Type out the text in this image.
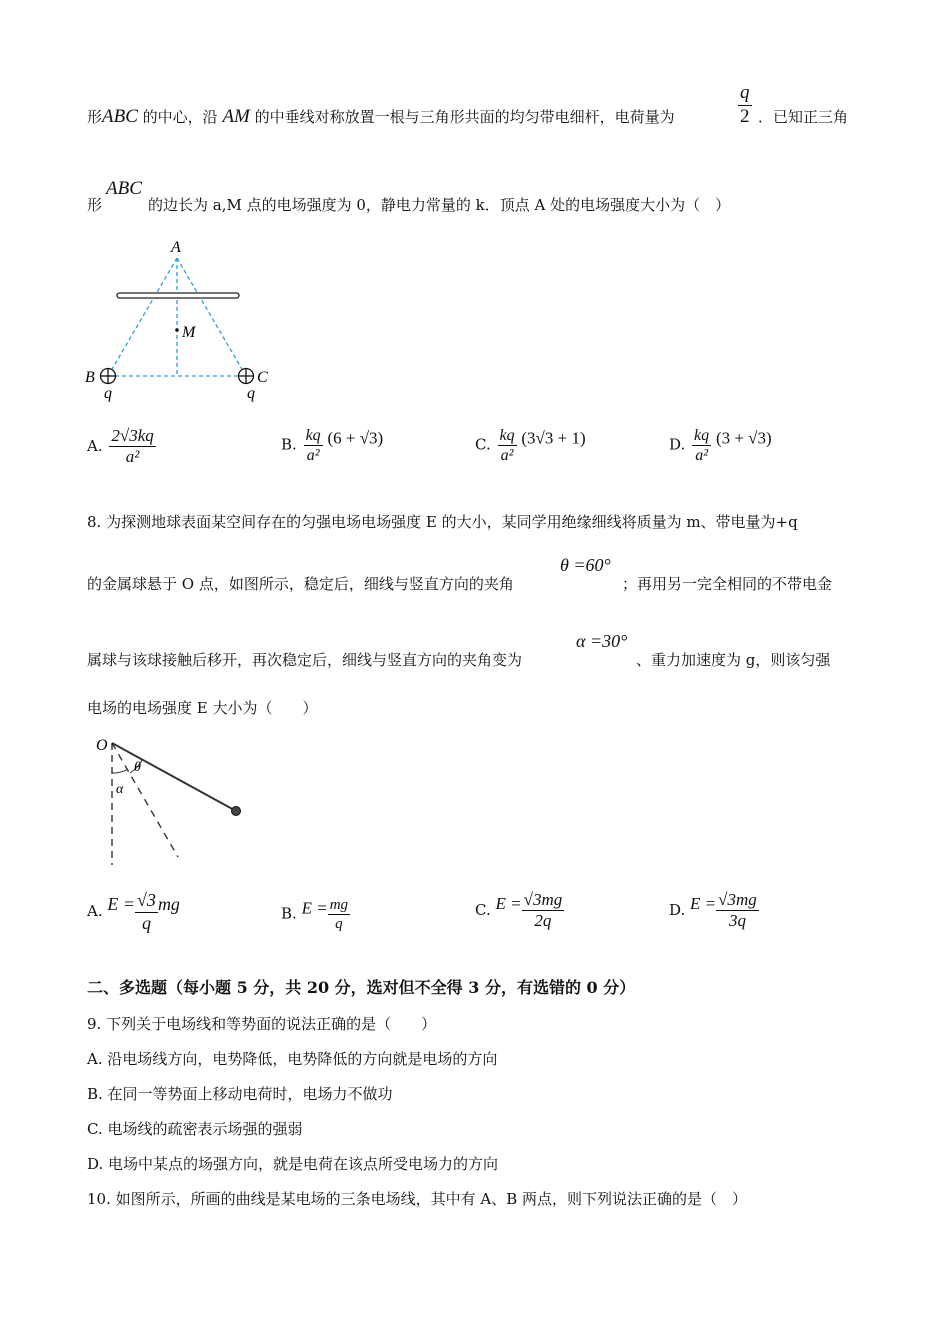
形ABC 的中心，沿 AM 的中垂线对称放置一根与三角形共面的均匀带电细杆，电荷量为	$\frac{q}{2}$ ．已知正三角
形
ABC
的边长为 a,M 点的电场强度为 0，静电力常量的 k．顶点 A 处的电场强度大小为（　）
A
M
B	C
q	q
A. $\frac{2√3kq}{\text{a²}}$	B. $\frac{kq}{\text{a²}} (6 + √3)$	C. $\frac{kq}{\text{a²}} (3√3 + 1)$	D. $\frac{kq}{\text{a²}} (3 + √3)$
8. 为探测地球表面某空间存在的匀强电场电场强度 E 的大小，某同学用绝缘细线将质量为 m、带电量为+q
的金属球悬于 O 点，如图所示，稳定后，细线与竖直方向的夹角
θ =60°
；再用另一完全相同的不带电金
属球与该球接触后移开，再次稳定后，细线与竖直方向的夹角变为
α =30°
、重力加速度为 g，则该匀强
电场的电场强度 E 大小为（　　）
O
θ
α
A. $E = \frac{√3}{q}$ mg	B. $E = \frac{mg}{q}$	C. $E = \frac{√3mg}{2q}$	D. $E = \frac{√3mg}{3q}$
二、多选题（每小题 5 分，共 20 分，选对但不全得 3 分，有选错的 0 分）
9. 下列关于电场线和等势面的说法正确的是（　　）
A. 沿电场线方向，电势降低，电势降低的方向就是电场的方向
B. 在同一等势面上移动电荷时，电场力不做功
C. 电场线的疏密表示场强的强弱
D. 电场中某点的场强方向，就是电荷在该点所受电场力的方向
10. 如图所示，所画的曲线是某电场的三条电场线，其中有 A、B 两点，则下列说法正确的是（　）
